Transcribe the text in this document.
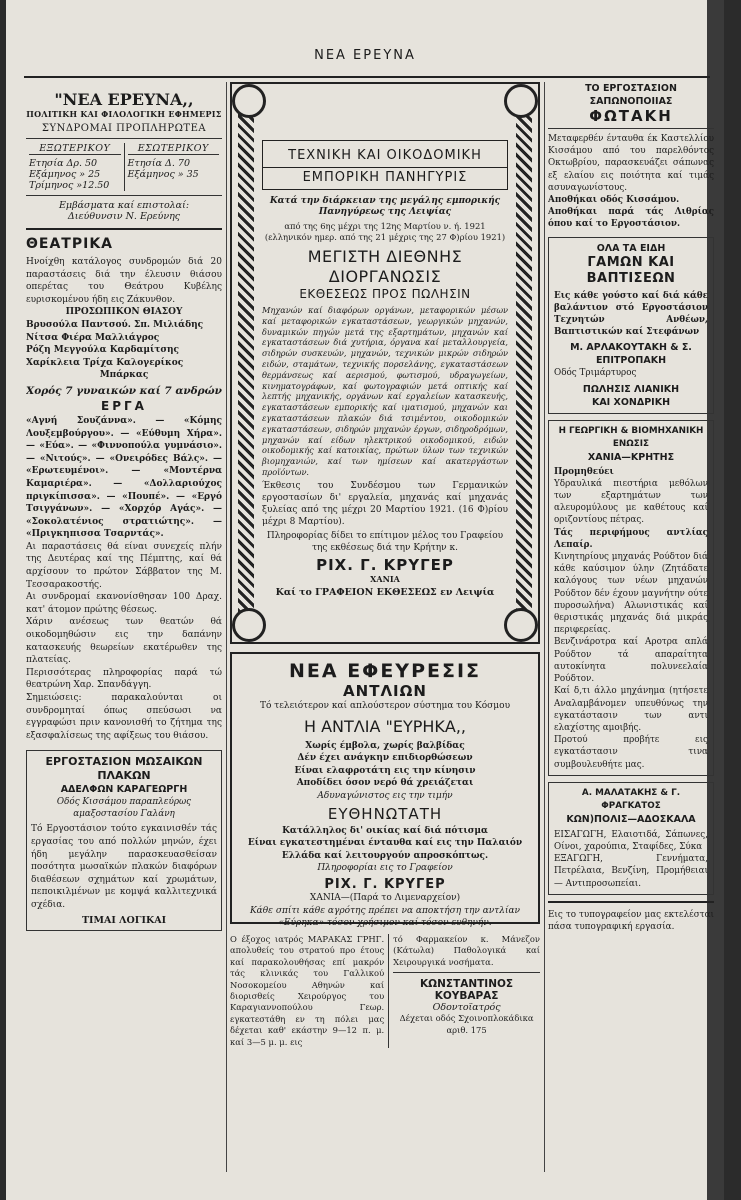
ΝΕΑ ΕΡΕΥΝΑ

"ΝΕΑ ΕΡΕΥΝΑ,,

ΠΟΛΙΤΙΚΗ ΚΑΙ ΦΙΛΟΛΟΓΙΚΗ ΕΦΗΜΕΡΙΣ

ΣΥΝΔΡΟΜΑΙ ΠΡΟΠΛΗΡΩΤΕΑ

ΕΞΩΤΕΡΙΚΟΥ
Ετησία Δρ. 50
Εξάμηνος » 25
Τρίμηνος »12.50
ΕΣΩΤΕΡΙΚΟΥ
Ετησία Δ. 70
Εξάμηνος » 35

Εμβάσματα καί επιστολαί:

Διεύθυνσιν Ν. Ερεύνης

ΘΕΑΤΡΙΚΑ

Ηνοίχθη κατάλογος συνδρομών διά 20 παραστάσεις διά την έλευσιν θιάσου οπερέτας του Θεάτρου Κυβέλης ευρισκομένου ήδη εις Ζάκυνθον.

ΠΡΟΣΩΠΙΚΟΝ ΘΙΑΣΟΥ

Βρυσούλα Παντσού. Σπ. Μιλιάδης

Νίτσα Φιέρα Μαλλιάγρος

Ρόζη Μεγγούλα Καρδαμίτσης

Χαρίκλεια Τρίχα Καλογερίκος

Μπάρκας

Χορός 7 γυναικών καί 7 ανδρών

ΕΡΓΑ

«Αγνή Σουζάννα». — «Κόμης Λουξεμβούργου». — «Εύθυμη Χήρα». — «Εύα». — «Φιννοπούλα γυμνάσιο». — «Νιτούς». — «Ονειρόδες Βάλς». — «Ερωτευμένοι». — «Μοντέρνα Καμαριέρα». — «Δολλαριούχος πριγκίπισσα». — «Πουπέ». — «Εργό Τσιγγάνων». — «Χορχόρ Αγάς». — «Σοκολατένιος στρατιώτης». — «Πριγκηπισσα Τσαρντάς».

Αι παραστάσεις θά είναι συνεχείς πλήν της Δευτέρας καί της Πέμπτης, καί θά αρχίσουν το πρώτον Σάββατον της Μ. Τεσσαρακοστής.

Αι συνδρομαί εκανονίσθησαν 100 Δραχ. κατ' άτομον πρώτης θέσεως.

Χάριν ανέσεως των θεατών θά οικοδομηθώσιν εις την δαπάνην κατασκευής θεωρείων εκατέρωθεν της πλατείας.

Περισσότερας πληροφορίας παρά τώ θεατρώνη Χαρ. Σπανδάγγη.

Σημειώσεις: παρακαλούνται οι συνδρομηταί όπως σπεύσωσι να εγγραφώσι πριν κανονισθή το ζήτημα της εξασφαλίσεως της αφίξεως του θιάσου.

ΕΡΓΟΣΤΑΣΙΟΝ ΜΩΣΑΙΚΩΝ ΠΛΑΚΩΝ

ΑΔΕΛΦΩΝ ΚΑΡΑΓΕΩΡΓΗ

Οδός Κισσάμου παραπλεύρως αμαξοστασίου Γαλάνη

Τό Εργοστάσιον τούτο εγκαινισθέν τάς εργασίας του από πολλών μηνών, έχει ήδη μεγάλην παρασκευασθείσαν ποσότητα μωσαϊκών πλακών διαφόρων διαθέσεων σχημάτων καί χρωμάτων, πεποικιλμένων με κομψά καλλιτεχνικά σχέδια.

ΤΙΜΑΙ ΛΟΓΙΚΑΙ

ΤΕΧΝΙΚΗ ΚΑΙ ΟΙΚΟΔΟΜΙΚΗ

ΕΜΠΟΡΙΚΗ ΠΑΝΗΓΥΡΙΣ

Κατά την διάρκειαν της μεγάλης εμπορικής Πανηγύρεως της Λειψίας

από της 6ης μέχρι της 12ης Μαρτίου ν. ή. 1921

(ελληνικόν ημερ. από της 21 μέχρις της 27 Φ)ρίου 1921)

ΜΕΓΙΣΤΗ ΔΙΕΘΝΗΣ ΔΙΟΡΓΑΝΩΣΙΣ

ΕΚΘΕΣΕΩΣ ΠΡΟΣ ΠΩΛΗΣΙΝ

Μηχανών καί διαφόρων οργάνων, μεταφορικών μέσων καί μεταφορικών εγκαταστάσεων, γεωργικών μηχανών, δυναμικών πηγών μετά της εξαρτημάτων, μηχανών καί εγκαταστάσεων διά χυτήρια, όργανα καί μεταλλουργεία, σιδηρών συσκευών, μηχανών, τεχνικών μικρών σιδηρών ειδών, σταμάτων, τεχνικής πορσελάνης, εγκαταστάσεων θερμάνσεως καί αερισμού, φωτισμού, υδραγωγείων, κινηματογράφων, καί φωτογραφιών μετά οπτικής καί λεπτής μηχανικής, οργάνων καί εργαλείων κατασκευής, εγκαταστάσεων εμπορικής καί ιματισμού, μηχανών και εγκαταστάσεων πλακών διά τσιμέντου, οικοδομικών εγκαταστάσεων, σιδηρών μηχανών έργων, σιδηροδρόμων, μηχανών καί είδων ηλεκτρικού οικοδομικού, ειδών οικοδομικής καί κατοικίας, πρώτων ύλων των τεχνικών βιομηχανιών, καί των ημίσεων καί ακατεργάστων προϊόντων.

Έκθεσις του Συνδέσμου των Γερμανικών εργοστασίων δι' εργαλεία, μηχανάς καί μηχανάς ξυλείας από της μέχρι 20 Μαρτίου 1921. (16 Φ)ρίου μέχρι 8 Μαρτίου).

Πληροφορίας δίδει το επίτιμον μέλος του Γραφείου της εκθέσεως διά την Κρήτην κ.

ΡΙΧ. Γ. ΚΡΥΓΕΡ

ΧΑΝΙΑ

Καί το ΓΡΑΦΕΙΟΝ ΕΚΘΕΣΕΩΣ εν Λειψία

ΝΕΑ ΕΦΕΥΡΕΣΙΣ

ΑΝΤΛΙΩΝ

Τό τελειότερον καί απλούστερον σύστημα του Κόσμου

Η ΑΝΤΛΙΑ "ΕΥΡΗΚΑ,,

Χωρίς έμβολα, χωρίς βαλβίδας

Δέν έχει ανάγκην επιδιορθώσεων

Είναι ελαφροτάτη εις την κίνησιν

Αποδίδει όσον νερό θά χρειάζεται

Αδυναγώνιστος εις την τιμήν

ΕΥΘΗΝΩΤΑΤΗ

Κατάλληλος δι' οικίας καί διά πότισμα

Είναι εγκατεστημέναι ένταυθα καί εις την Παλαιόν

Ελλάδα καί λειτουργούν απροσκόπτως.

Πληροφορίαι εις το Γραφείον

ΡΙΧ. Γ. ΚΡΥΓΕΡ

ΧΑΝΙΑ—(Παρά το Λιμεναρχείον)

Κάθε σπίτι κάθε αγρότης πρέπει να αποκτήση την αντλίαν «Εύρηκα» τόσον χρήσιμον καί τόσον ευθηνήν.

Ο έξοχος ιατρός ΜΑΡΑΚΑΣ ΓΡΗΓ. απολυθείς του στρατού προ έτους καί παρακολουθήσας επί μακρόν τάς κλινικάς του Γαλλικού Νοσοκομείου Αθηνών καί διορισθείς Χειρούργος του Καραγιαννοπούλου Γεωρ. εγκατεστάθη εν τη πόλει μας δέχεται καθ' εκάστην 9—12 π. μ. καί 3—5 μ. μ. εις

τό Φαρμακείον κ. Μάνεζον (Κάτωλα) Παθολογικά καί Χειρουργικά νοσήματα.

ΚΩΝΣΤΑΝΤΙΝΟΣ ΚΟΥΒΑΡΑΣ

Οδοντοϊατρός

Δέχεται οδός Σχοινοπλοκάδικα αριθ. 175

ΤΟ ΕΡΓΟΣΤΑΣΙΟΝ ΣΑΠΩΝΟΠΟΙΙΑΣ

ΦΩΤΑΚΗ

Μεταφερθέν ένταυθα έκ Καστελλίου Κισσάμου από του παρελθόντος Οκτωβρίου, παρασκευάζει σάπωνας εξ ελαίου εις ποιότητα καί τιμάς ασυναγωνίστους.

Αποθήκαι οδός Κισσάμου.

Αποθήκαι παρά τάς Λιθρίας όπου καί το Εργοστάσιον.

ΟΛΑ ΤΑ ΕΙΔΗ

ΓΑΜΩΝ ΚΑΙ ΒΑΠΤΙΣΕΩΝ

Εις κάθε γούστο καί διά κάθε βαλάντιον στό Εργοστάσιον Τεχνητών Ανθέων, Βαπτιστικών καί Στεφάνων

Μ. ΑΡΛΑΚΟΥΤΑΚΗ & Σ. ΕΠΙΤΡΟΠΑΚΗ

Οδός Τριμάρτυρος

ΠΩΛΗΣΙΣ ΛΙΑΝΙΚΗ

ΚΑΙ ΧΟΝΔΡΙΚΗ

Η ΓΕΩΡΓΙΚΗ & ΒΙΟΜΗΧΑΝΙΚΗ ΕΝΩΣΙΣ

ΧΑΝΙΑ—ΚΡΗΤΗΣ

Προμηθεύει

Υδραυλικά πιεστήρια μεθόλων των εξαρτημάτων των αλευρομύλους με καθέτους καί οριζοντίους πέτρας.

Τάς περιφήμους αντλίας Λεπαίρ.

Κινητηρίους μηχανάς Ρούδτον διά κάθε καύσιμον ύλην (Ζητάδατε καλόγους των νέων μηχανών Ρούδτον δέν έχουν μαγνήτην ούτε πυροσωλήνα) Αλωνιστικάς καί θεριστικάς μηχανάς διά μικράς περιφερείας.

Βενζινάροτρα καί Αροτρα απλά Ρούδτον τά απαραίτητα αυτοκίνητα πολυνεελαία Ρούδτον.

Καί δ,τι άλλο μηχάνημα (ητήσετε Αναλαμβάνομεν υπευθύνως την εγκατάστασιν των αντι ελαχίστης αμοιβής.

Προτού προβήτε εις εγκατάστασιν τινα συμβουλευθήτε μας.

Α. ΜΑΛΑΤΑΚΗΣ & Γ. ΦΡΑΓΚΑΤΟΣ

ΚΩΝ)ΠΟΛΙΣ—ΑΔΟΣΚΑΛΑ

ΕΙΣΑΓΩΓΗ, Ελαιοτιδά, Σάπωνες, Οίνοι, χαρούπια, Σταφίδες, Σύκα

ΕΞΑΓΩΓΗ, Γεννήματα, Πετρέλαια, Βενζίνη, Προμήθειαι — Αντιπροσωπείαι.

Εις το τυπογραφείον μας εκτελέσται πάσα τυπογραφική εργασία.
